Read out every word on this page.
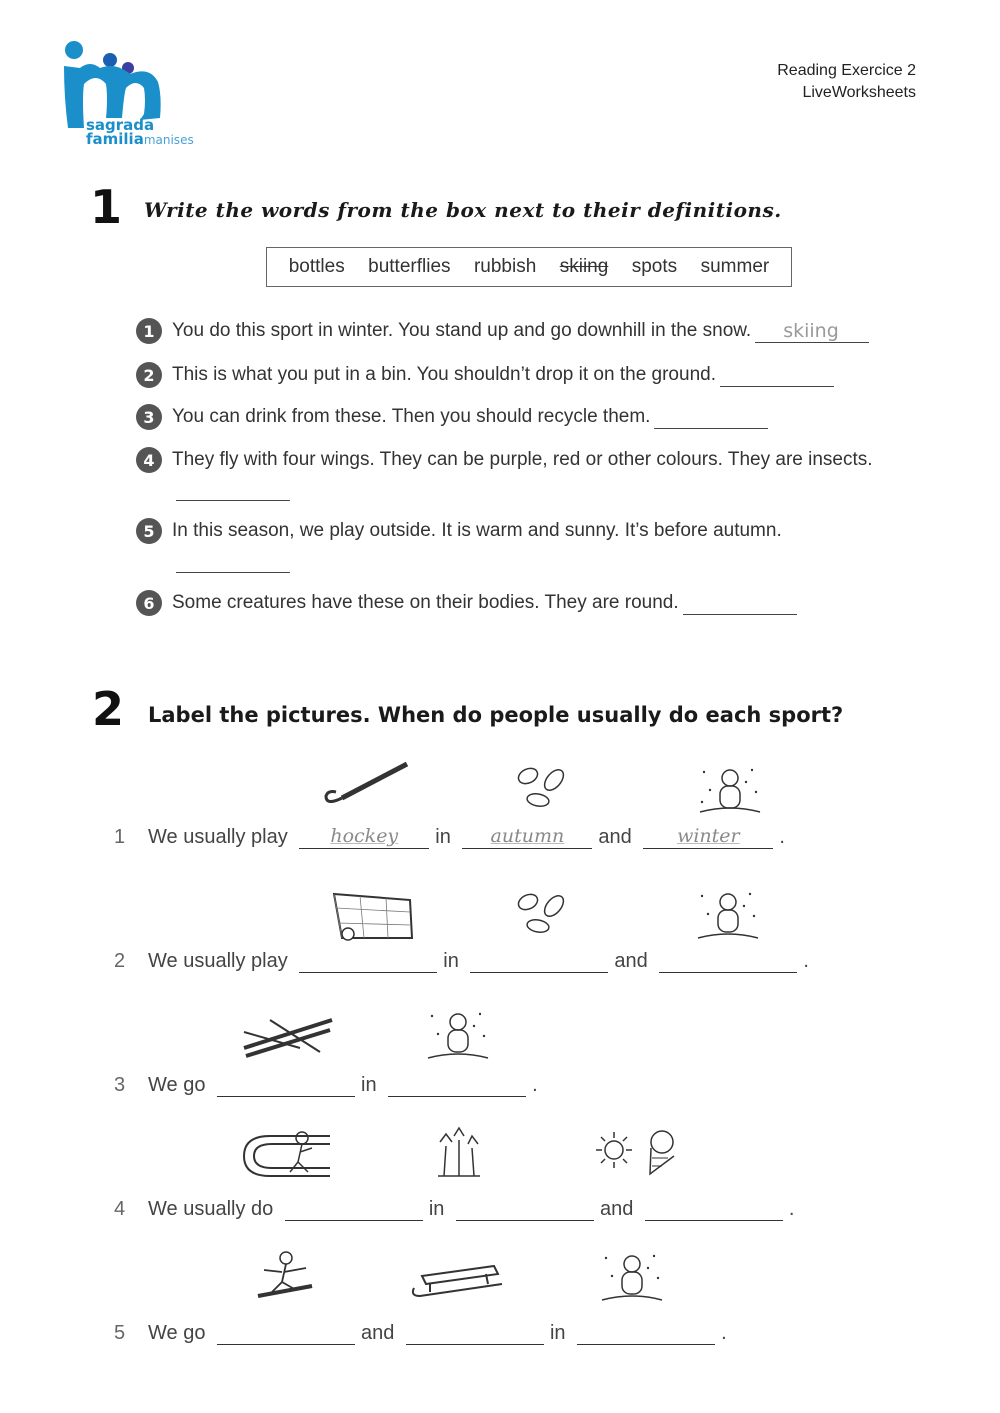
sagrada
familiamanises
Reading Exercice 2
LiveWorksheets
1 Write the words from the box next to their definitions.
bottles butterflies rubbish skiing spots summer
1 You do this sport in winter. You stand up and go downhill in the snow.	skiing
2 This is what you put in a bin. You shouldn’t drop it on the ground.
3 You can drink from these. Then you should recycle them.
4 They fly with four wings. They can be purple, red or other colours. They are insects.
5 In this season, we play outside. It is warm and sunny. It’s before autumn.
6 Some creatures have these on their bodies. They are round.
2 Label the pictures. When do people usually do each sport?
1 We usually play	hockey	in	autumn	and	winter	.
2 We usually play	in	and	.
3 We go	in	.
4 We usually do	in	and	.
5 We go	and	in	.
